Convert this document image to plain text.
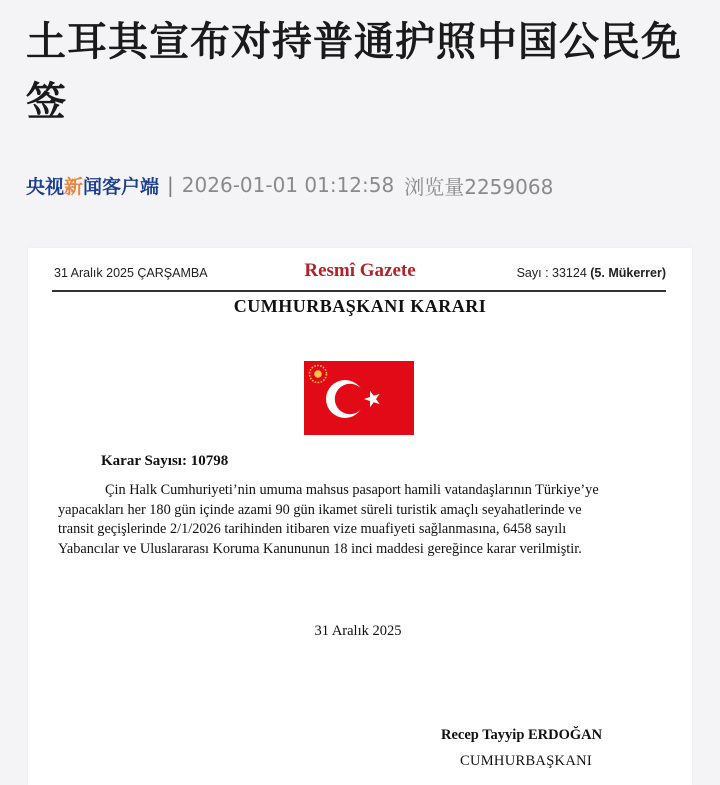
土耳其宣布对持普通护照中国公民免签
央视新闻客户端 | 2026-01-01 01:12:58 浏览量2259068
31 Aralık 2025 ÇARŞAMBA	Resmî Gazete	Sayı : 33124 (5. Mükerrer)
CUMHURBAŞKANI KARARI
Karar Sayısı: 10798
Çin Halk Cumhuriyeti’nin umuma mahsus pasaport hamili vatandaşlarının Türkiye’ye
yapacakları her 180 gün içinde azami 90 gün ikamet süreli turistik amaçlı seyahatlerinde ve
transit geçişlerinde 2/1/2026 tarihinden itibaren vize muafiyeti sağlanmasına, 6458 sayılı
Yabancılar ve Uluslararası Koruma Kanununun 18 inci maddesi gereğince karar verilmiştir.
31 Aralık 2025
Recep Tayyip ERDOĞAN
CUMHURBAŞKANI
